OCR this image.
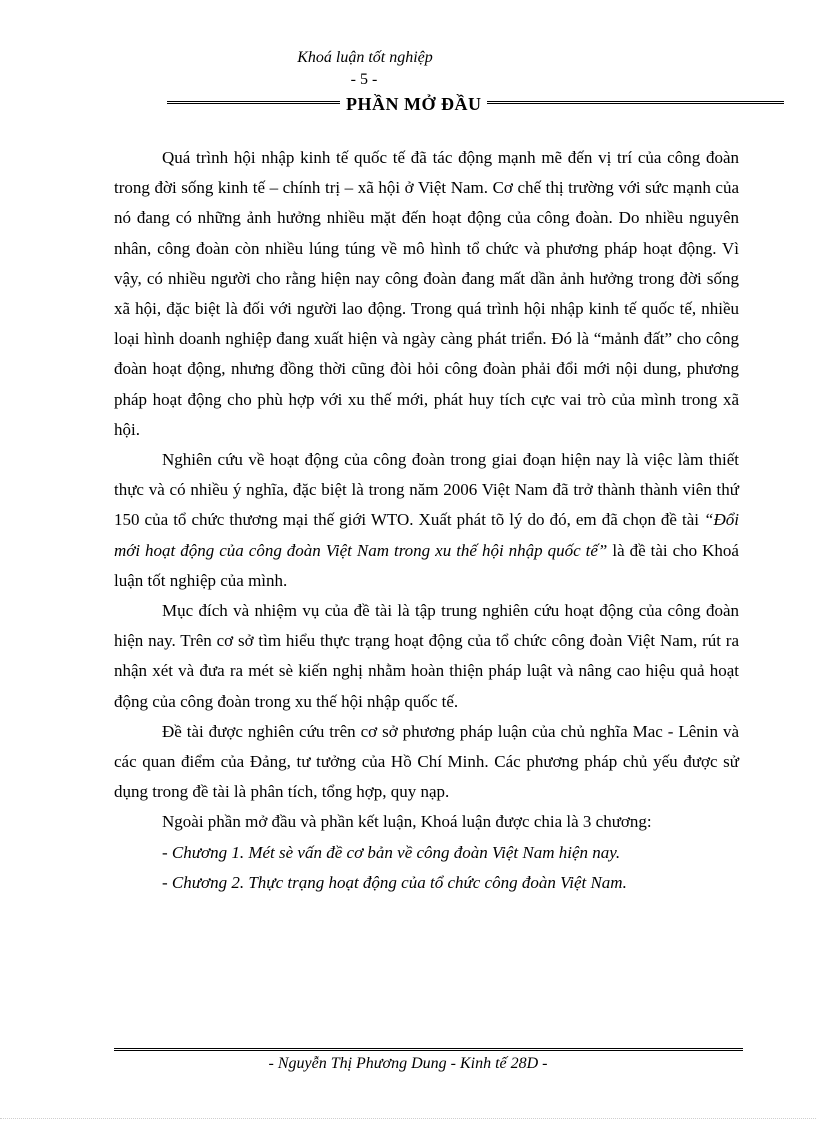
Khoá luận tốt nghiệp
- 5 -
PHẦN MỞ ĐẦU

Quá trình hội nhập kinh tế quốc tế đã tác động mạnh mẽ đến vị trí của công đoàn trong đời sống kinh tế – chính trị – xã hội ở Việt Nam. Cơ chế thị trường với sức mạnh của nó đang có những ảnh hưởng nhiều mặt đến hoạt động của công đoàn. Do nhiều nguyên nhân, công đoàn còn nhiều lúng túng về mô hình tổ chức và phương pháp hoạt động. Vì vậy, có nhiều người cho rằng hiện nay công đoàn đang mất dần ảnh hưởng trong đời sống xã hội, đặc biệt là đối với người lao động. Trong quá trình hội nhập kinh tế quốc tế, nhiều loại hình doanh nghiệp đang xuất hiện và ngày càng phát triển. Đó là “mảnh đất” cho công đoàn hoạt động, nhưng đồng thời cũng đòi hỏi công đoàn phải đổi mới nội dung, phương pháp hoạt động cho phù hợp với xu thế mới, phát huy tích cực vai trò của mình trong xã hội.

Nghiên cứu về hoạt động của công đoàn trong giai đoạn hiện nay là việc làm thiết thực và có nhiều ý nghĩa, đặc biệt là trong năm 2006 Việt Nam đã trở thành thành viên thứ 150 của tổ chức thương mại thế giới WTO. Xuất phát tõ lý do đó, em đã chọn đề tài “Đổi mới hoạt động của công đoàn Việt Nam trong xu thế hội nhập quốc tế” là đề tài cho Khoá luận tốt nghiệp của mình.

Mục đích và nhiệm vụ của đề tài là tập trung nghiên cứu hoạt động của công đoàn hiện nay. Trên cơ sở tìm hiểu thực trạng hoạt động của tổ chức công đoàn Việt Nam, rút ra nhận xét và đưa ra mét sè kiến nghị nhằm hoàn thiện pháp luật và nâng cao hiệu quả hoạt động của công đoàn trong xu thế hội nhập quốc tế.

Đề tài được nghiên cứu trên cơ sở phương pháp luận của chủ nghĩa Mac - Lênin và các quan điểm của Đảng, tư tưởng của Hồ Chí Minh. Các phương pháp chủ yếu được sử dụng trong đề tài là phân tích, tổng hợp, quy nạp.

Ngoài phần mở đầu và phần kết luận, Khoá luận được chia là 3 chương:

- Chương 1. Mét sè vấn đề cơ bản về công đoàn Việt Nam hiện nay.

- Chương 2. Thực trạng hoạt động của tổ chức công đoàn Việt Nam.

- Nguyễn Thị Phương Dung - Kinh tế 28D -
